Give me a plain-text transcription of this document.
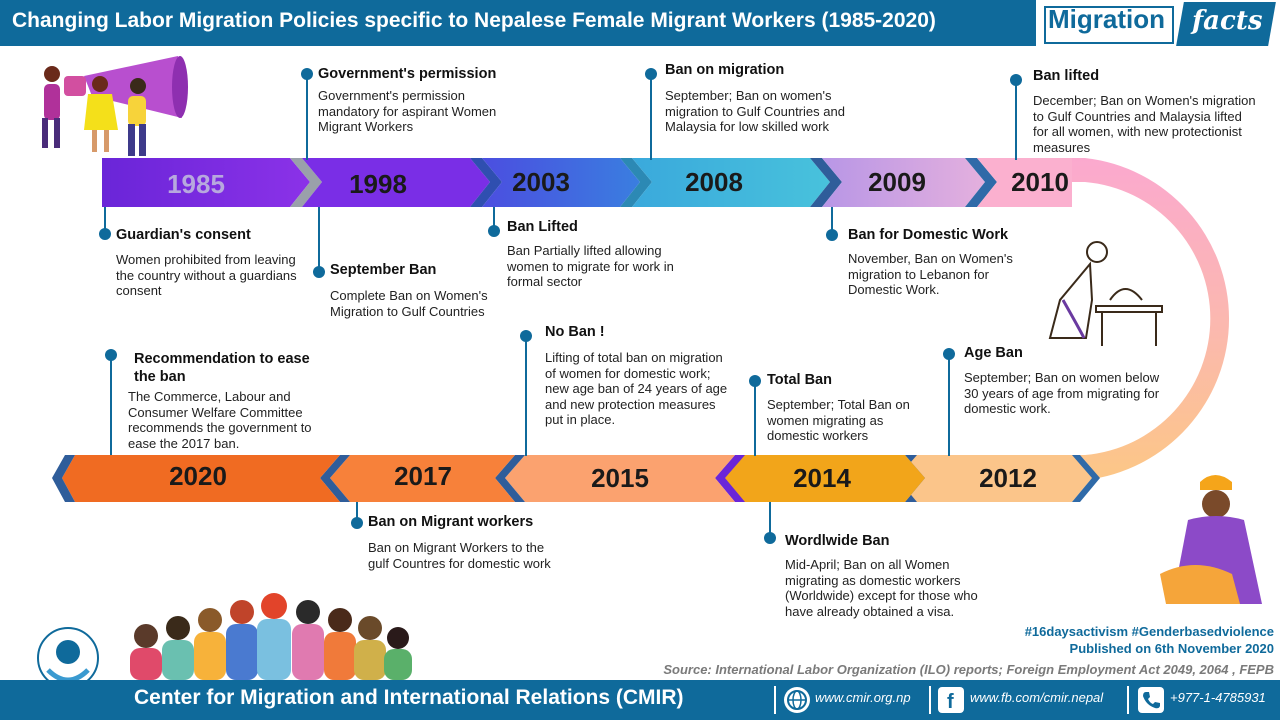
Changing Labor Migration Policies specific to Nepalese Female Migrant Workers (1985-2020)	Migration facts
1985	1998	2003	2008	2009	2010
2020	2017	2015	2014	2012
Guardian's consent
Women prohibited from leaving the country without a guardians consent
Government's permission
Government's permission mandatory for aspirant Women Migrant Workers
September Ban
Complete Ban on Women's Migration to Gulf Countries
Ban Lifted
Ban Partially lifted allowing women to migrate for work in formal sector
Ban on migration
September; Ban on women's migration to Gulf Countries and Malaysia for low skilled work
Ban for Domestic Work
November, Ban on Women's migration to Lebanon for Domestic Work.
Ban lifted
December; Ban on Women's migration to Gulf Countries and Malaysia lifted for all women, with new protectionist measures
Recommendation to ease the ban
The Commerce, Labour and Consumer Welfare Committee recommends the government to ease the 2017 ban.
No Ban !
Lifting of total ban on migration of women for domestic work; new age ban of 24 years of age and new protection measures put in place.
Total Ban
September; Total Ban on women migrating as domestic workers
Age Ban
September; Ban on women below 30 years of age from migrating for domestic work.
Ban on Migrant workers
Ban on Migrant Workers to the gulf Countres for domestic work
Wordlwide Ban
Mid-April; Ban on all Women migrating as domestic workers (Worldwide) except for those who have already obtained a visa.
#16daysactivism #Genderbasedviolence
Published on 6th November 2020
Source: International Labor Organization (ILO) reports; Foreign Employment Act 2049, 2064 , FEPB
Center for Migration and International Relations (CMIR)	www.cmir.org.np f www.fb.com/cmir.nepal	+977-1-4785931
